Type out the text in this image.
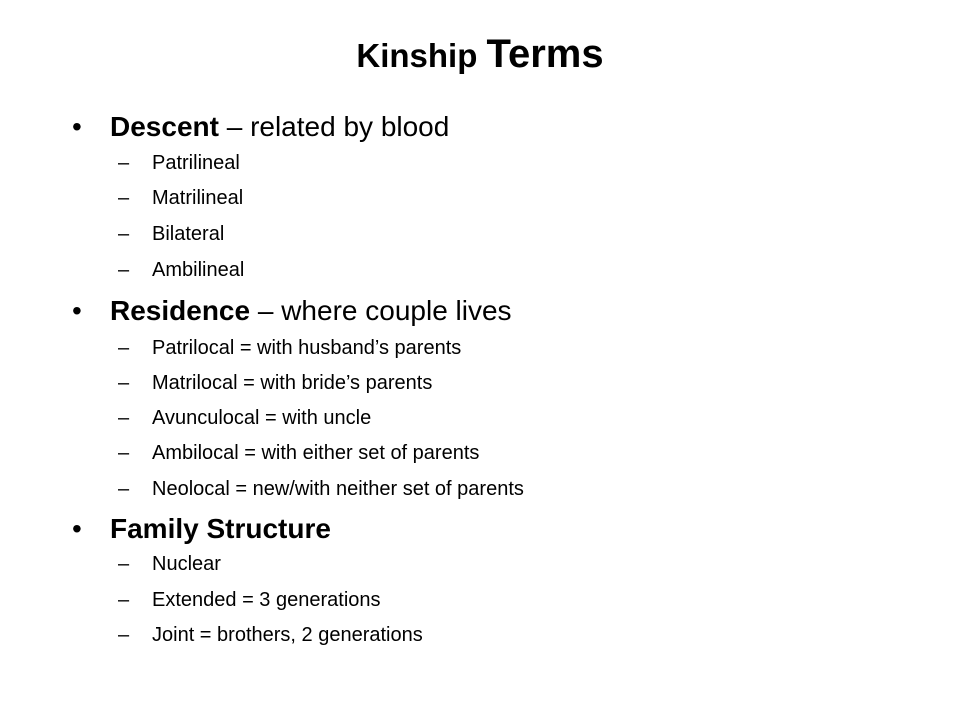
Kinship Terms
• Descent – related by blood
– Patrilineal
– Matrilineal
– Bilateral
– Ambilineal
• Residence – where couple lives
– Patrilocal = with husband’s parents
– Matrilocal = with bride’s parents
– Avunculocal = with uncle
– Ambilocal = with either set of parents
– Neolocal = new/with neither set of parents
• Family Structure
– Nuclear
– Extended = 3 generations
– Joint = brothers, 2 generations
